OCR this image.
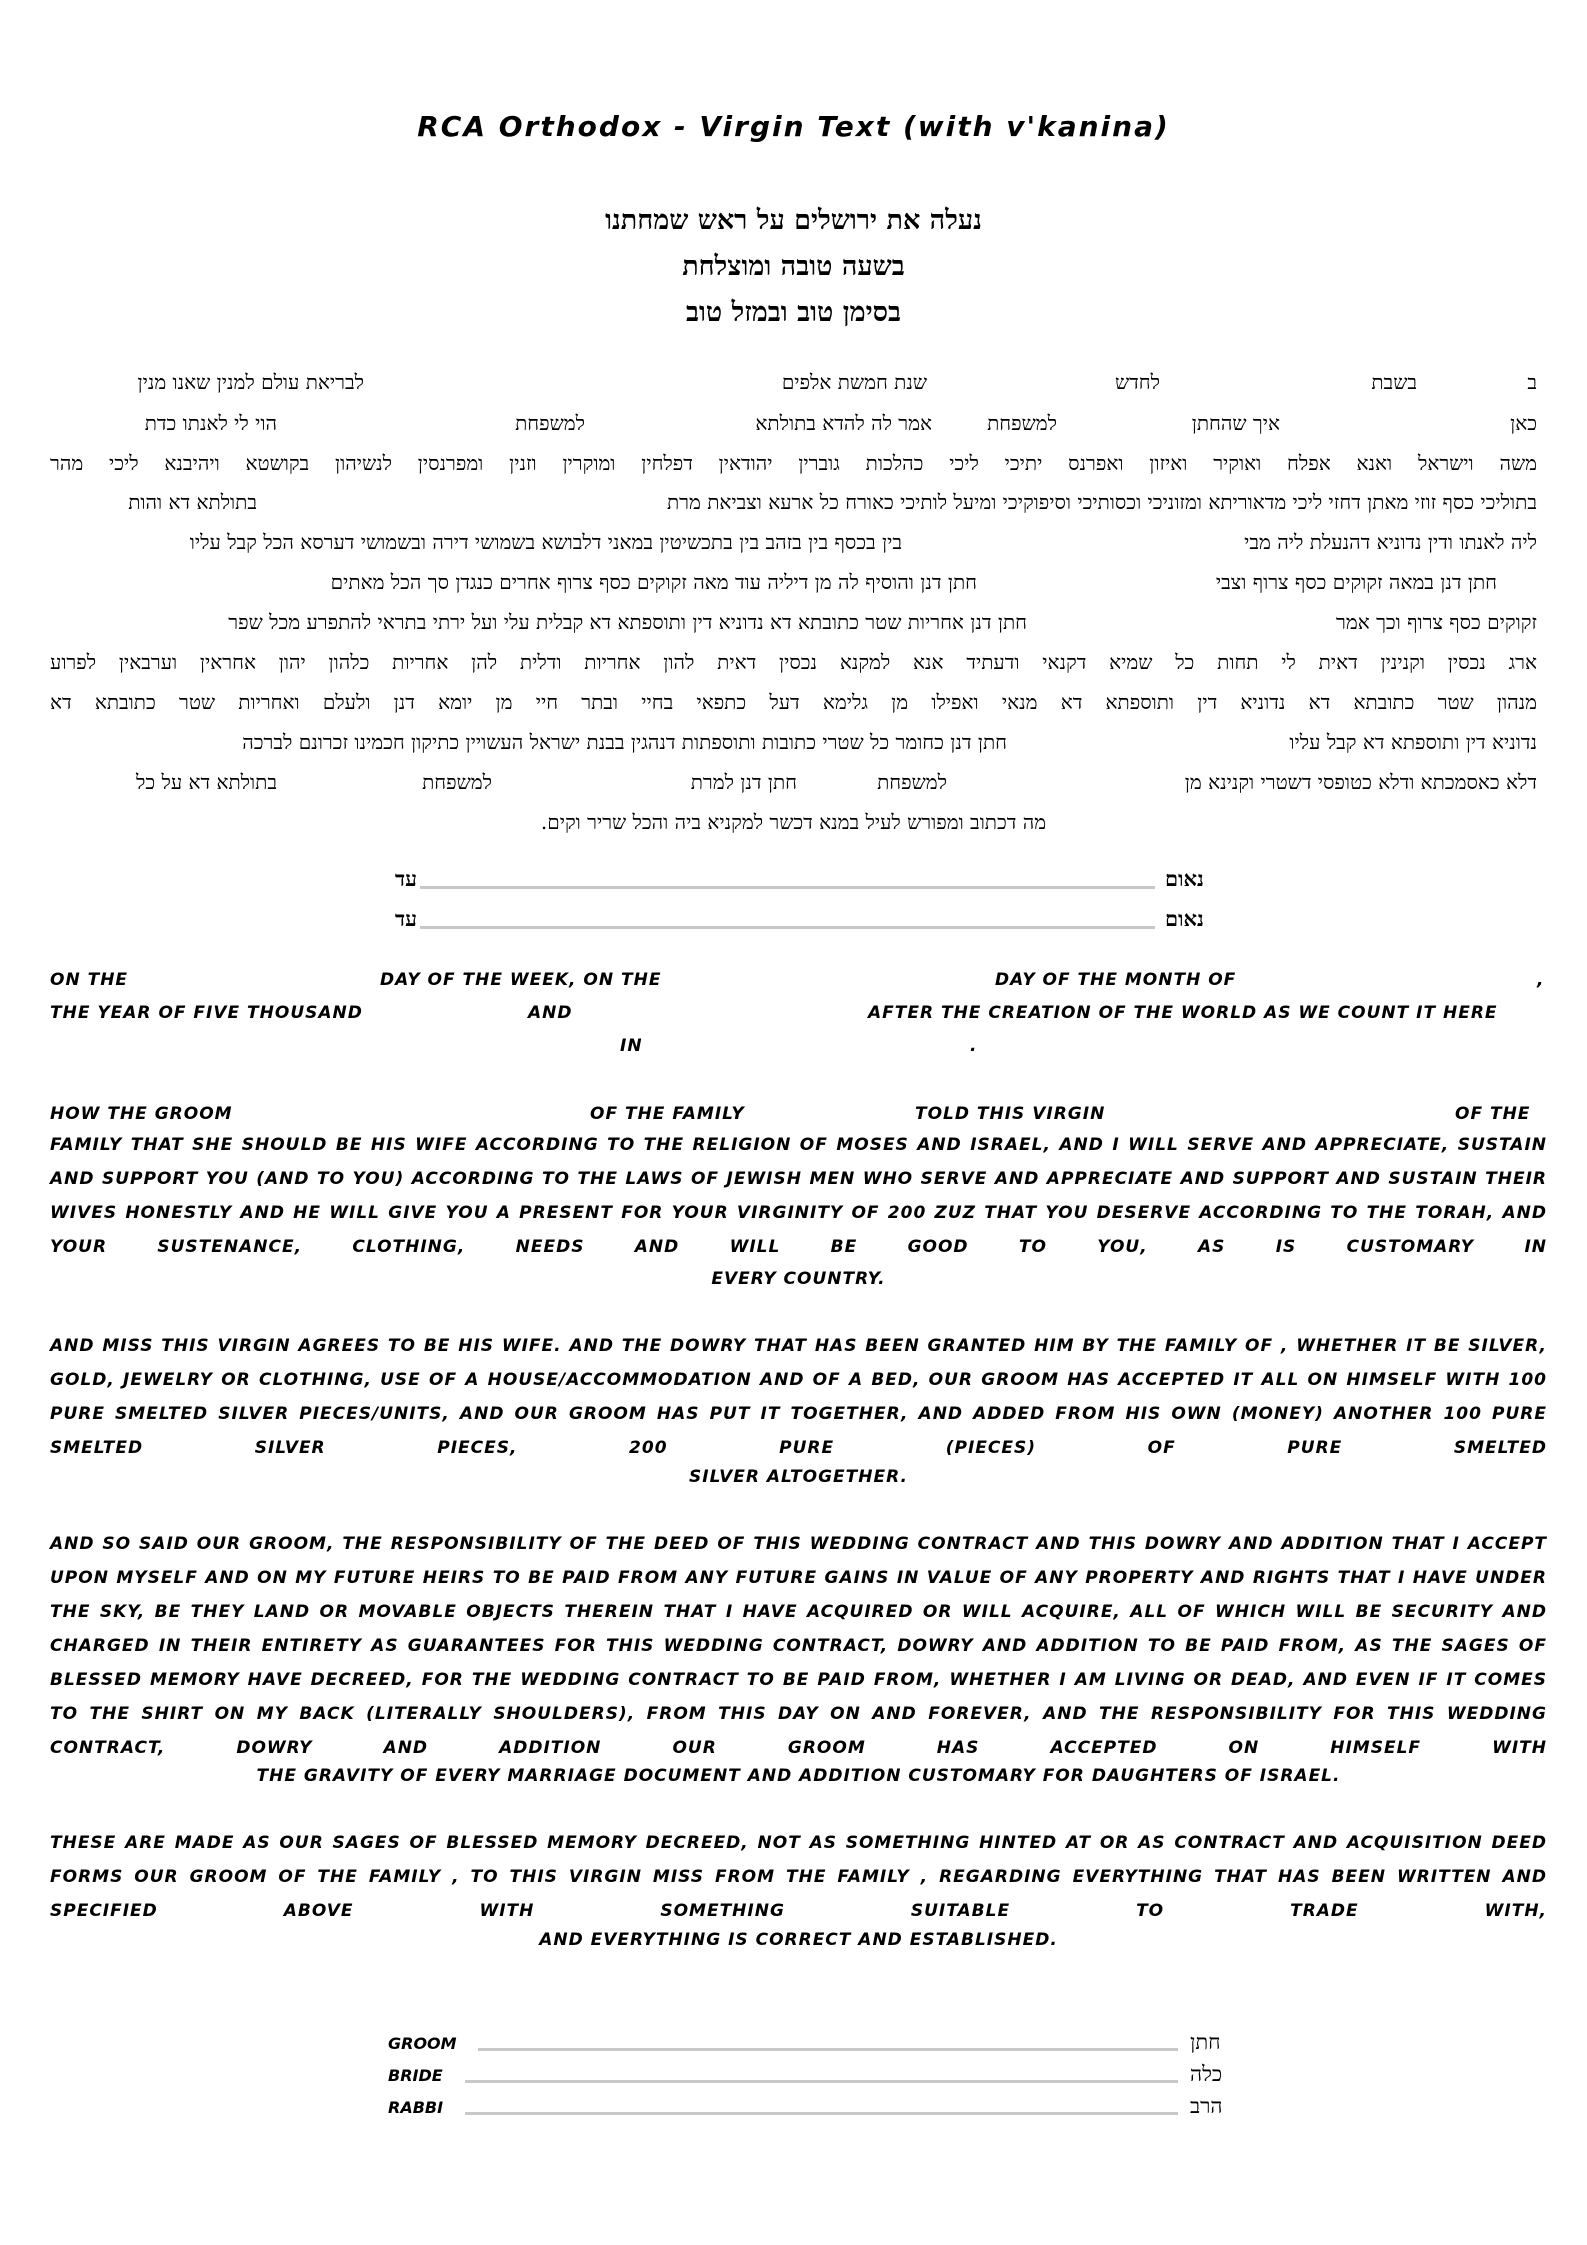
RCA Orthodox - Virgin Text (with v'kanina)
נעלה את ירושלים על ראש שמחתנו
בשעה טובה ומוצלחת
בסימן טוב ובמזל טוב
ב
בשבת
לחדש
שנת חמשת אלפים
לבריאת עולם למנין שאנו מנין
כאן
איך שהחתן
למשפחת
אמר לה להדא בתולתא
למשפחת
הוי לי לאנתו כדת
משה וישראל ואנא אפלח ואוקיר ואיזון ואפרנס יתיכי ליכי כהלכות גוברין יהודאין דפלחין ומוקרין וזנין ומפרנסין לנשיהון בקושטא ויהיבנא ליכי מהר
בתוליכי כסף זוזי מאתן דחזי ליכי מדאוריתא ומזוניכי וכסותיכי וסיפוקיכי ומיעל לותיכי כאורח כל ארעא וצביאת מרת
בתולתא דא והות
ליה לאנתו ודין נדוניא דהנעלת ליה מבי
בין בכסף בין בזהב בין בתכשיטין במאני דלבושא בשמושי דירה ובשמושי דערסא הכל קבל עליו
חתן דנן במאה זקוקים כסף צרוף וצבי
חתן דנן והוסיף לה מן דיליה עוד מאה זקוקים כסף צרוף אחרים כנגדן סך הכל מאתים
זקוקים כסף צרוף וכך אמר
חתן דנן אחריות שטר כתובתא דא נדוניא דין ותוספתא דא קבלית עלי ועל ירתי בתראי להתפרע מכל שפר
ארג נכסין וקנינין דאית לי תחות כל שמיא דקנאי ודעתיד אנא למקנא נכסין דאית להון אחריות ודלית להן אחריות כלהון יהון אחראין וערבאין לפרוע
מנהון שטר כתובתא דא נדוניא דין ותוספתא דא מנאי ואפילו מן גלימא דעל כתפאי בחיי ובתר חיי מן יומא דנן ולעלם ואחריות שטר כתובתא דא
נדוניא דין ותוספתא דא קבל עליו
חתן דנן כחומר כל שטרי כתובות ותוספתות דנהגין בבנת ישראל העשויין כתיקון חכמינו זכרונם לברכה
דלא כאסמכתא ודלא כטופסי דשטרי וקנינא מן
למשפחת
חתן דנן למרת
למשפחת
בתולתא דא על כל
מה דכתוב ומפורש לעיל במנא דכשר למקניא ביה והכל שריר וקים.
נאום
עד
נאום
עד
ON THE	DAY OF THE WEEK, ON THE	DAY OF THE MONTH OF	,
THE YEAR OF FIVE THOUSAND	AND	AFTER THE CREATION OF THE WORLD AS WE COUNT IT HERE
IN	.
HOW THE GROOM	OF THE FAMILY	TOLD THIS VIRGIN	OF THE
FAMILY THAT SHE SHOULD BE HIS WIFE ACCORDING TO THE RELIGION OF MOSES AND ISRAEL, AND I WILL SERVE AND APPRECIATE, SUSTAIN AND SUPPORT YOU (AND TO YOU) ACCORDING TO THE LAWS OF JEWISH MEN WHO SERVE AND APPRECIATE AND SUPPORT AND SUSTAIN THEIR WIVES HONESTLY AND HE WILL GIVE YOU A PRESENT FOR YOUR VIRGINITY OF 200 ZUZ THAT YOU DESERVE ACCORDING TO THE TORAH, AND YOUR SUSTENANCE, CLOTHING, NEEDS AND WILL BE GOOD TO YOU, AS IS CUSTOMARY IN
EVERY COUNTRY.
AND MISS THIS VIRGIN AGREES TO BE HIS WIFE. AND THE DOWRY THAT HAS BEEN GRANTED HIM BY THE FAMILY OF , WHETHER IT BE SILVER, GOLD, JEWELRY OR CLOTHING, USE OF A HOUSE/ACCOMMODATION AND OF A BED, OUR GROOM HAS ACCEPTED IT ALL ON HIMSELF WITH 100 PURE SMELTED SILVER PIECES/UNITS, AND OUR GROOM HAS PUT IT TOGETHER, AND ADDED FROM HIS OWN (MONEY) ANOTHER 100 PURE SMELTED SILVER PIECES, 200 PURE (PIECES) OF PURE SMELTED
SILVER ALTOGETHER.
AND SO SAID OUR GROOM, THE RESPONSIBILITY OF THE DEED OF THIS WEDDING CONTRACT AND THIS DOWRY AND ADDITION THAT I ACCEPT UPON MYSELF AND ON MY FUTURE HEIRS TO BE PAID FROM ANY FUTURE GAINS IN VALUE OF ANY PROPERTY AND RIGHTS THAT I HAVE UNDER THE SKY, BE THEY LAND OR MOVABLE OBJECTS THEREIN THAT I HAVE ACQUIRED OR WILL ACQUIRE, ALL OF WHICH WILL BE SECURITY AND CHARGED IN THEIR ENTIRETY AS GUARANTEES FOR THIS WEDDING CONTRACT, DOWRY AND ADDITION TO BE PAID FROM, AS THE SAGES OF BLESSED MEMORY HAVE DECREED, FOR THE WEDDING CONTRACT TO BE PAID FROM, WHETHER I AM LIVING OR DEAD, AND EVEN IF IT COMES TO THE SHIRT ON MY BACK (LITERALLY SHOULDERS), FROM THIS DAY ON AND FOREVER, AND THE RESPONSIBILITY FOR THIS WEDDING CONTRACT, DOWRY AND ADDITION OUR GROOM HAS ACCEPTED ON HIMSELF WITH
THE GRAVITY OF EVERY MARRIAGE DOCUMENT AND ADDITION CUSTOMARY FOR DAUGHTERS OF ISRAEL.
THESE ARE MADE AS OUR SAGES OF BLESSED MEMORY DECREED, NOT AS SOMETHING HINTED AT OR AS CONTRACT AND ACQUISITION DEED FORMS OUR GROOM OF THE FAMILY , TO THIS VIRGIN MISS FROM THE FAMILY , REGARDING EVERYTHING THAT HAS BEEN WRITTEN AND SPECIFIED ABOVE WITH SOMETHING SUITABLE TO TRADE WITH,
AND EVERYTHING IS CORRECT AND ESTABLISHED.
GROOM	חתן
BRIDE	כלה
RABBI	הרב
